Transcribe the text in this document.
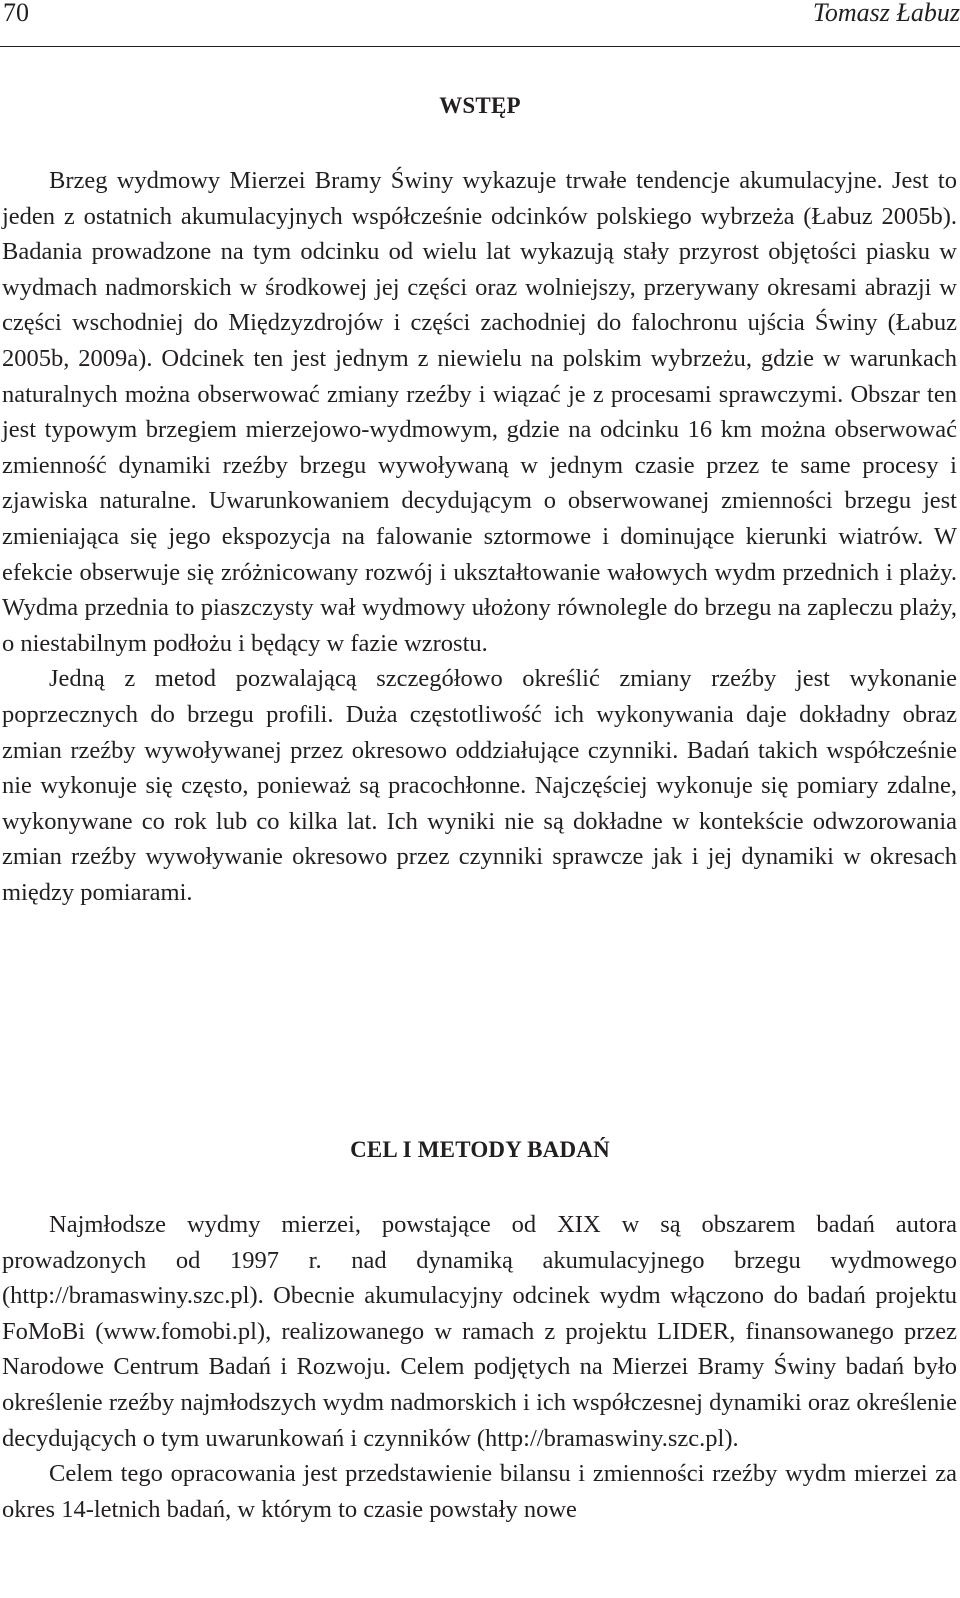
70	Tomasz Łabuz
WSTĘP

Brzeg wydmowy Mierzei Bramy Świny wykazuje trwałe tendencje akumulacyjne. Jest to jeden z ostatnich akumulacyjnych współcześnie odcinków polskiego wybrzeża (Łabuz 2005b). Badania prowadzone na tym odcinku od wielu lat wykazują stały przyrost objętości piasku w wydmach nadmorskich w środkowej jej części oraz wolniejszy, przerywany okresami abrazji w części wschodniej do Międzyzdrojów i części zachodniej do falochronu ujścia Świny (Łabuz 2005b, 2009a). Odcinek ten jest jednym z niewielu na polskim wybrzeżu, gdzie w warunkach naturalnych można obserwować zmiany rzeźby i wiązać je z procesami sprawczymi. Obszar ten jest typowym brzegiem mierzejowo-wydmowym, gdzie na odcinku 16 km można obserwować zmienność dynamiki rzeźby brzegu wywoływaną w jednym czasie przez te same procesy i zjawiska naturalne. Uwarunkowaniem decydującym o obserwowanej zmienności brzegu jest zmieniająca się jego ekspozycja na falowanie sztormowe i dominujące kierunki wiatrów. W efekcie obserwuje się zróżnicowany rozwój i ukształtowanie wałowych wydm przednich i plaży. Wydma przednia to piaszczysty wał wydmowy ułożony równolegle do brzegu na zapleczu plaży, o niestabilnym podłożu i będący w fazie wzrostu.

Jedną z metod pozwalającą szczegółowo określić zmiany rzeźby jest wykonanie poprzecznych do brzegu profili. Duża częstotliwość ich wykonywania daje dokładny obraz zmian rzeźby wywoływanej przez okresowo oddziałujące czynniki. Badań takich współcześnie nie wykonuje się często, ponieważ są pracochłonne. Najczęściej wykonuje się pomiary zdalne, wykonywane co rok lub co kilka lat. Ich wyniki nie są dokładne w kontekście odwzorowania zmian rzeźby wywoływanie okresowo przez czynniki sprawcze jak i jej dynamiki w okresach między pomiarami.

CEL I METODY BADAŃ

Najmłodsze wydmy mierzei, powstające od XIX w są obszarem badań autora prowadzonych od 1997 r. nad dynamiką akumulacyjnego brzegu wydmowego (http://bramaswiny.szc.pl). Obecnie akumulacyjny odcinek wydm włączono do badań projektu FoMoBi (www.fomobi.pl), realizowanego w ramach z projektu LIDER, finansowanego przez Narodowe Centrum Badań i Rozwoju. Celem podjętych na Mierzei Bramy Świny badań było określenie rzeźby najmłodszych wydm nadmorskich i ich współczesnej dynamiki oraz określenie decydujących o tym uwarunkowań i czynników (http://bramaswiny.szc.pl).

Celem tego opracowania jest przedstawienie bilansu i zmienności rzeźby wydm mierzei za okres 14-letnich badań, w którym to czasie powstały nowe
